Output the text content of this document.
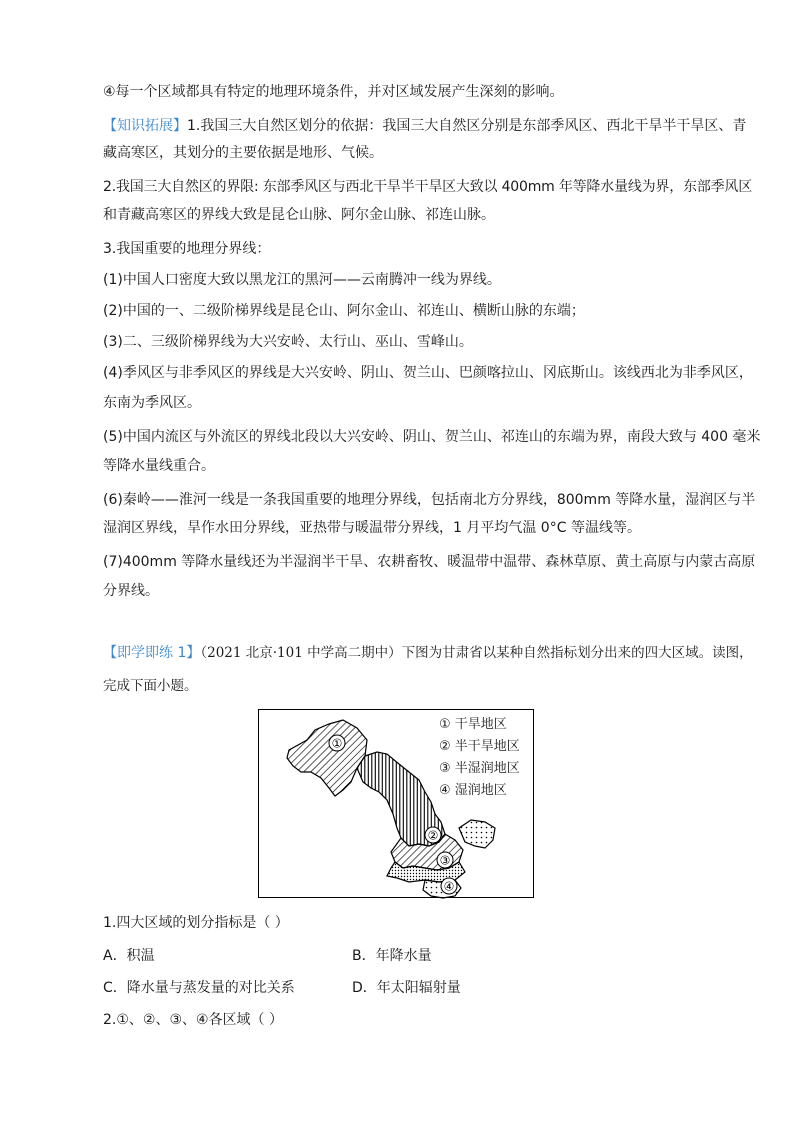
④每一个区域都具有特定的地理环境条件，并对区域发展产生深刻的影响。
【知识拓展】1.我国三大自然区划分的依据：我国三大自然区分别是东部季风区、西北干旱半干旱区、青
藏高寒区，其划分的主要依据是地形、气候。
2.我国三大自然区的界限: 东部季风区与西北干旱半干旱区大致以 400mm 年等降水量线为界，东部季风区
和青藏高寒区的界线大致是昆仑山脉、阿尔金山脉、祁连山脉。
3.我国重要的地理分界线：
(1)中国人口密度大致以黑龙江的黑河——云南腾冲一线为界线。
(2)中国的一、二级阶梯界线是昆仑山、阿尔金山、祁连山、横断山脉的东端；
(3)二、三级阶梯界线为大兴安岭、太行山、巫山、雪峰山。
(4)季风区与非季风区的界线是大兴安岭、阴山、贺兰山、巴颜喀拉山、冈底斯山。该线西北为非季风区，
东南为季风区。
(5)中国内流区与外流区的界线北段以大兴安岭、阴山、贺兰山、祁连山的东端为界，南段大致与 400 毫米
等降水量线重合。
(6)秦岭——淮河一线是一条我国重要的地理分界线，包括南北方分界线，800mm 等降水量，湿润区与半
湿润区界线，旱作水田分界线，亚热带与暖温带分界线，1 月平均气温 0°C 等温线等。
(7)400mm 等降水量线还为半湿润半干旱、农耕畜牧、暖温带中温带、森林草原、黄土高原与内蒙古高原
分界线。
【即学即练 1】（2021 北京·101 中学高二期中）下图为甘肃省以某种自然指标划分出来的四大区域。读图，
完成下面小题。
①
②
③
④
① 干旱地区
② 半干旱地区
③ 半湿润地区
④ 湿润地区
1.四大区域的划分指标是（ ）
A．积温	B．年降水量
C．降水量与蒸发量的对比关系	D．年太阳辐射量
2.①、②、③、④各区域（ ）
